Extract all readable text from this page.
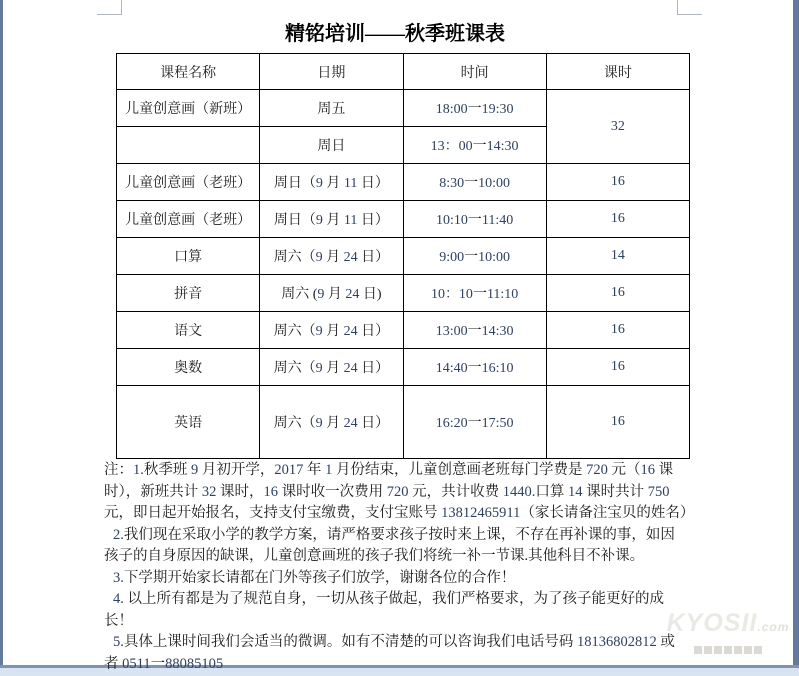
精铭培训——秋季班课表
课程名称	日期	时间	课时
儿童创意画（新班）	周五	18:00一19:30	32
	周日	13：00一14:30	
儿童创意画（老班）	周日（9 月 11 日）	8:30一10:00	16
儿童创意画（老班）	周日（9 月 11 日）	10:10一11:40	16
口算	周六（9 月 24 日）	9:00一10:00	14
拼音	周六 (9 月 24 日)	10：10一11:10	16
语文	周六（9 月 24 日）	13:00一14:30	16
奥数	周六（9 月 24 日）	14:40一16:10	16
英语	周六（9 月 24 日）	16:20一17:50	16
注：1.秋季班 9 月初开学，2017 年 1 月份结束，儿童创意画老班每门学费是 720 元（16 课
时），新班共计 32 课时，16 课时收一次费用 720 元，共计收费 1440.口算 14 课时共计 750
元，即日起开始报名，支持支付宝缴费，支付宝账号 13812465911（家长请备注宝贝的姓名）
2.我们现在采取小学的教学方案，请严格要求孩子按时来上课，不存在再补课的事，如因
孩子的自身原因的缺课，儿童创意画班的孩子我们将统一补一节课.其他科目不补课。
3.下学期开始家长请都在门外等孩子们放学，谢谢各位的合作！
4. 以上所有都是为了规范自身，一切从孩子做起，我们严格要求，为了孩子能更好的成
长！
5.具体上课时间我们会适当的微调。如有不清楚的可以咨询我们电话号码 18136802812 或
者 0511一88085105
KYOSII.com
